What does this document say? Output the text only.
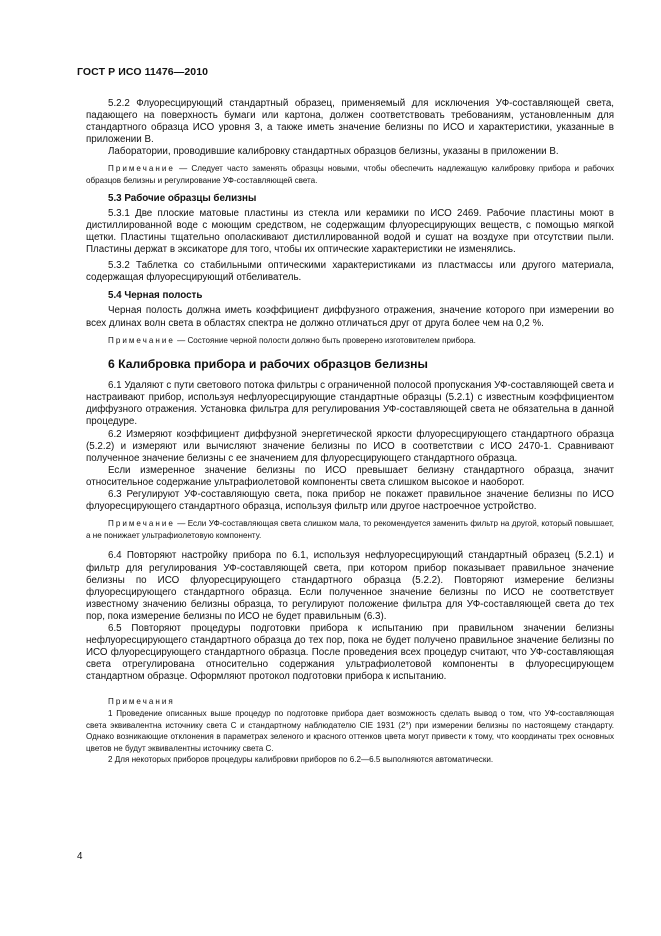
ГОСТ Р ИСО 11476—2010

5.2.2 Флуоресцирующий стандартный образец, применяемый для исключения УФ-составляющей света, падающего на поверхность бумаги или картона, должен соответствовать требованиям, установленным для стандартного образца ИСО уровня 3, а также иметь значение белизны по ИСО и характеристики, указанные в приложении В.

Лаборатории, проводившие калибровку стандартных образцов белизны, указаны в приложении В.

Примечание — Следует часто заменять образцы новыми, чтобы обеспечить надлежащую калибровку прибора и рабочих образцов белизны и регулирование УФ-составляющей света.
5.3 Рабочие образцы белизны

5.3.1 Две плоские матовые пластины из стекла или керамики по ИСО 2469. Рабочие пластины моют в дистиллированной воде с моющим средством, не содержащим флуоресцирующих веществ, с помощью мягкой щетки. Пластины тщательно ополаскивают дистиллированной водой и сушат на воздухе при отсутствии пыли. Пластины держат в эксикаторе для того, чтобы их оптические характеристики не изменялись.

5.3.2 Таблетка со стабильными оптическими характеристиками из пластмассы или другого материала, содержащая флуоресцирующий отбеливатель.

5.4 Черная полость

Черная полость должна иметь коэффициент диффузного отражения, значение которого при измерении во всех длинах волн света в областях спектра не должно отличаться друг от друга более чем на 0,2 %.

Примечание — Состояние черной полости должно быть проверено изготовителем прибора.
6 Калибровка прибора и рабочих образцов белизны

6.1 Удаляют с пути светового потока фильтры с ограниченной полосой пропускания УФ-составляющей света и настраивают прибор, используя нефлуоресцирующие стандартные образцы (5.2.1) с известным коэффициентом диффузного отражения. Установка фильтра для регулирования УФ-составляющей света не обязательна в данной процедуре.

6.2 Измеряют коэффициент диффузной энергетической яркости флуоресцирующего стандартного образца (5.2.2) и измеряют или вычисляют значение белизны по ИСО в соответствии с ИСО 2470-1. Сравнивают полученное значение белизны с ее значением для флуоресцирующего стандартного образца.

Если измеренное значение белизны по ИСО превышает белизну стандартного образца, значит относительное содержание ультрафиолетовой компоненты света слишком высокое и наоборот.

6.3 Регулируют УФ-составляющую света, пока прибор не покажет правильное значение белизны по ИСО флуоресцирующего стандартного образца, используя фильтр или другое настроечное устройство.

Примечание — Если УФ-составляющая света слишком мала, то рекомендуется заменить фильтр на другой, который повышает, а не понижает ультрафиолетовую компоненту.

6.4 Повторяют настройку прибора по 6.1, используя нефлуоресцирующий стандартный образец (5.2.1) и фильтр для регулирования УФ-составляющей света, при котором прибор показывает правильное значение белизны по ИСО флуоресцирующего стандартного образца (5.2.2). Повторяют измерение белизны флуоресцирующего стандартного образца. Если полученное значение белизны по ИСО не соответствует известному значению белизны образца, то регулируют положение фильтра для УФ-составляющей света до тех пор, пока измерение белизны по ИСО не будет правильным (6.3).

6.5 Повторяют процедуры подготовки прибора к испытанию при правильном значении белизны нефлуоресцирующего стандартного образца до тех пор, пока не будет получено правильное значение белизны по ИСО флуоресцирующего стандартного образца. После проведения всех процедур считают, что УФ-составляющая света отрегулирована относительно содержания ультрафиолетовой компоненты в флуоресцирующем стандартном образце. Оформляют протокол подготовки прибора к испытанию.

Примечания
1 Проведение описанных выше процедур по подготовке прибора дает возможность сделать вывод о том, что УФ-составляющая света эквивалентна источнику света С и стандартному наблюдателю CIE 1931 (2°) при измерении белизны по настоящему стандарту. Однако возникающие отклонения в параметрах зеленого и красного оттенков цвета могут привести к тому, что координаты трех основных цветов не будут эквивалентны источнику света С.
2 Для некоторых приборов процедуры калибровки приборов по 6.2—6.5 выполняются автоматически.
4
